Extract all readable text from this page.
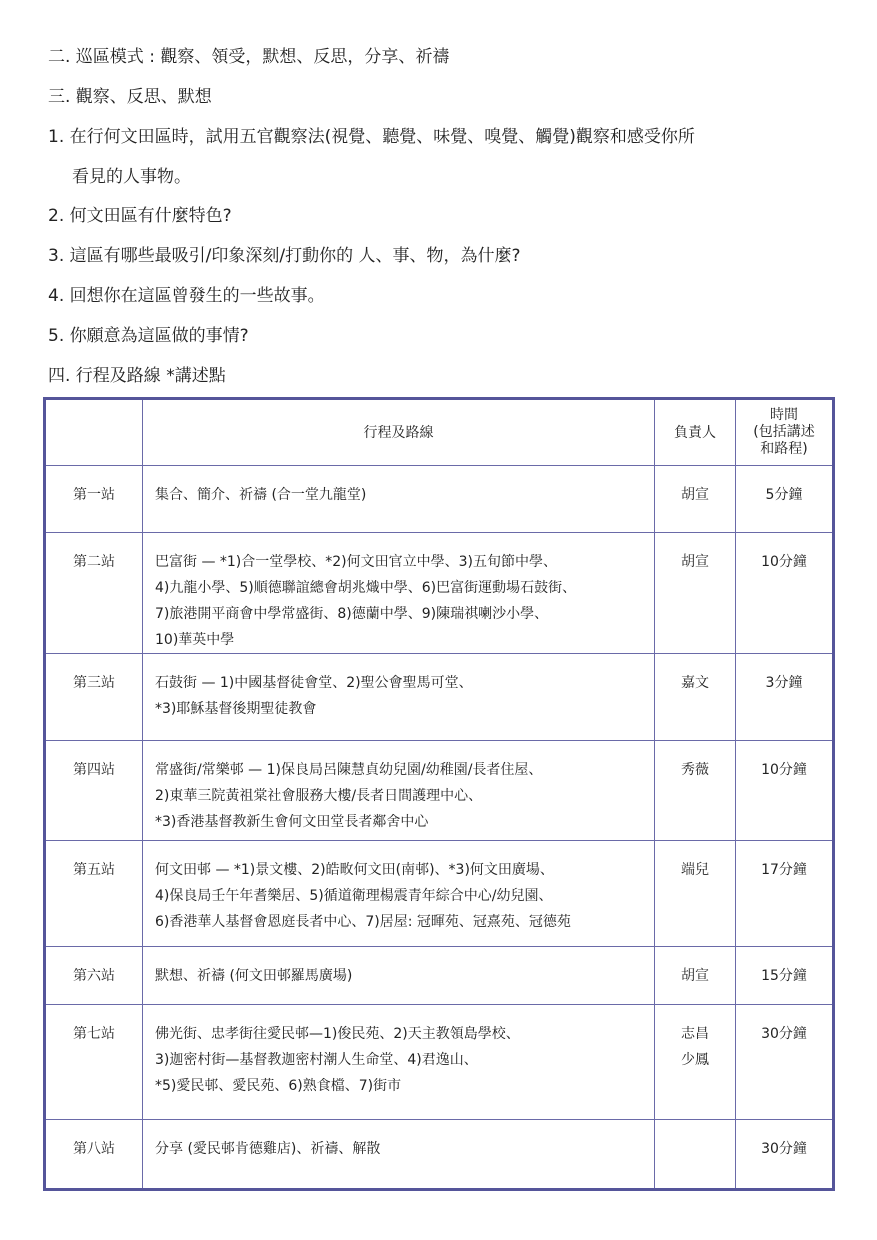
二. 巡區模式 : 觀察、領受，默想、反思，分享、祈禱
三. 觀察、反思、默想
1. 在行何文田區時，試用五官觀察法(視覺、聽覺、味覺、嗅覺、觸覺)觀察和感受你所
看見的人事物。
2. 何文田區有什麼特色?
3. 這區有哪些最吸引/印象深刻/打動你的 人、事、物，為什麼?
4. 回想你在這區曾發生的一些故事。
5. 你願意為這區做的事情?
四. 行程及路線 *講述點
	行程及路線	負責人	時間
(包括講述
和路程)

第一站	集合、簡介、祈禱 (合一堂九龍堂)	胡宣	5分鐘
第二站	巴富街 — *1)合一堂學校、*2)何文田官立中學、3)五旬節中學、
4)九龍小學、5)順德聯誼總會胡兆熾中學、6)巴富街運動場石鼓街、
7)旅港開平商會中學常盛街、8)德蘭中學、9)陳瑞祺喇沙小學、
10)華英中學	胡宣	10分鐘
第三站	石鼓街 — 1)中國基督徒會堂、2)聖公會聖馬可堂、
*3)耶穌基督後期聖徒教會	嘉文	3分鐘
第四站	常盛街/常樂邨 — 1)保良局呂陳慧貞幼兒園/幼稚園/長者住屋、
2)東華三院黃祖棠社會服務大樓/長者日間護理中心、
*3)香港基督教新生會何文田堂長者鄰舍中心	秀薇	10分鐘
第五站	何文田邨 — *1)景文樓、2)皓畋何文田(南邨)、*3)何文田廣場、
4)保良局壬午年耆樂居、5)循道衛理楊震青年綜合中心/幼兒園、
6)香港華人基督會恩庭長者中心、7)居屋: 冠暉苑、冠熹苑、冠德苑	端兒	17分鐘
第六站	默想、祈禱 (何文田邨羅馬廣場)	胡宣	15分鐘
第七站	佛光街、忠孝街往愛民邨—1)俊民苑、2)天主教領島學校、
3)迦密村街—基督教迦密村潮人生命堂、4)君逸山、
*5)愛民邨、愛民苑、6)熟食檔、7)街市	志昌
少鳳	30分鐘
第八站	分享 (愛民邨肯德雞店)、祈禱、解散		30分鐘
